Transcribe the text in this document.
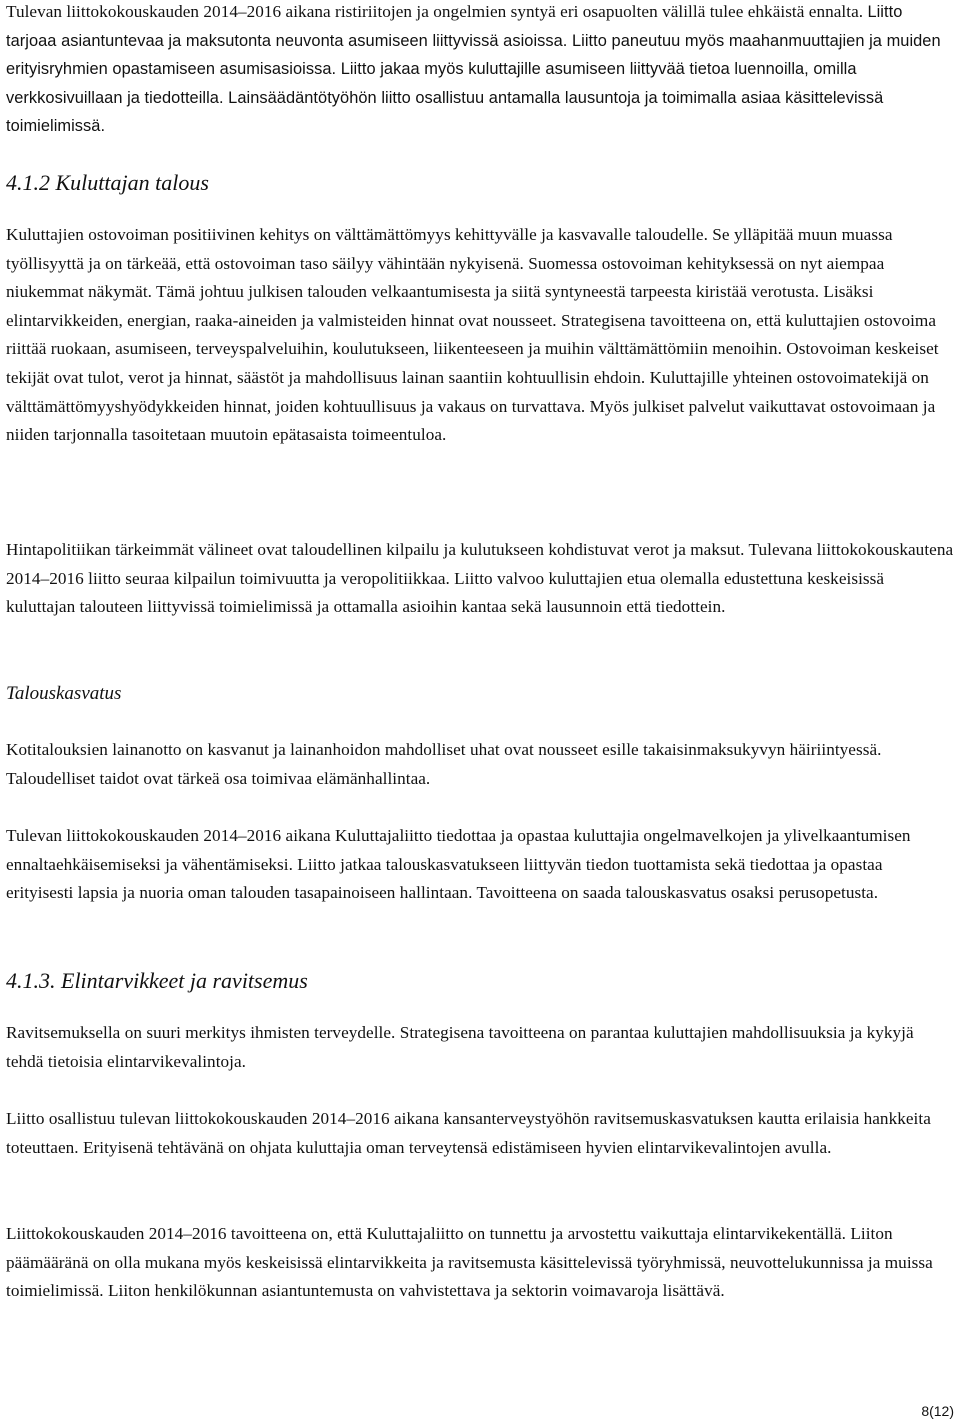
Tulevan liittokokouskauden 2014–2016 aikana ristiriitojen ja ongelmien syntyä eri osapuolten välillä tulee ehkäistä ennalta. Liitto tarjoaa asiantuntevaa ja maksutonta neuvonta asumiseen liittyvissä asioissa. Liitto paneutuu myös maahanmuuttajien ja muiden erityisryhmien opastamiseen asumisasioissa. Liitto jakaa myös kuluttajille asumiseen liittyvää tietoa luennoilla, omilla verkkosivuillaan ja tiedotteilla. Lainsäädäntötyöhön liitto osallistuu antamalla lausuntoja ja toimimalla asiaa käsittelevissä toimielimissä.

4.1.2 Kuluttajan talous

Kuluttajien ostovoiman positiivinen kehitys on välttämättömyys kehittyvälle ja kasvavalle taloudelle. Se ylläpitää muun muassa työllisyyttä ja on tärkeää, että ostovoiman taso säilyy vähintään nykyisenä. Suomessa ostovoiman kehityksessä on nyt aiempaa niukemmat näkymät. Tämä johtuu julkisen talouden velkaantumisesta ja siitä syntyneestä tarpeesta kiristää verotusta. Lisäksi elintarvikkeiden, energian, raaka-aineiden ja valmisteiden hinnat ovat nousseet. Strategisena tavoitteena on, että kuluttajien ostovoima riittää ruokaan, asumiseen, terveyspalveluihin, koulutukseen, liikenteeseen ja muihin välttämättömiin menoihin. Ostovoiman keskeiset tekijät ovat tulot, verot ja hinnat, säästöt ja mahdollisuus lainan saantiin kohtuullisin ehdoin. Kuluttajille yhteinen ostovoimatekijä on välttämättömyyshyödykkeiden hinnat, joiden kohtuullisuus ja vakaus on turvattava. Myös julkiset palvelut vaikuttavat ostovoimaan ja niiden tarjonnalla tasoitetaan muutoin epätasaista toimeentuloa.

Hintapolitiikan tärkeimmät välineet ovat taloudellinen kilpailu ja kulutukseen kohdistuvat verot ja maksut. Tulevana liittokokouskautena 2014–2016 liitto seuraa kilpailun toimivuutta ja veropolitiikkaa. Liitto valvoo kuluttajien etua olemalla edustettuna keskeisissä kuluttajan talouteen liittyvissä toimielimissä ja ottamalla asioihin kantaa sekä lausunnoin että tiedottein.

Talouskasvatus

Kotitalouksien lainanotto on kasvanut ja lainanhoidon mahdolliset uhat ovat nousseet esille takaisinmaksukyvyn häiriintyessä. Taloudelliset taidot ovat tärkeä osa toimivaa elämänhallintaa.

Tulevan liittokokouskauden 2014–2016 aikana Kuluttajaliitto tiedottaa ja opastaa kuluttajia ongelmavelkojen ja ylivelkaantumisen ennaltaehkäisemiseksi ja vähentämiseksi. Liitto jatkaa talouskasvatukseen liittyvän tiedon tuottamista sekä tiedottaa ja opastaa erityisesti lapsia ja nuoria oman talouden tasapainoiseen hallintaan. Tavoitteena on saada talouskasvatus osaksi perusopetusta.

4.1.3. Elintarvikkeet ja ravitsemus

Ravitsemuksella on suuri merkitys ihmisten terveydelle. Strategisena tavoitteena on parantaa kuluttajien mahdollisuuksia ja kykyjä tehdä tietoisia elintarvikevalintoja.

Liitto osallistuu tulevan liittokokouskauden 2014–2016 aikana kansanterveystyöhön ravitsemuskasvatuksen kautta erilaisia hankkeita toteuttaen. Erityisenä tehtävänä on ohjata kuluttajia oman terveytensä edistämiseen hyvien elintarvikevalintojen avulla.

Liittokokouskauden 2014–2016 tavoitteena on, että Kuluttajaliitto on tunnettu ja arvostettu vaikuttaja elintarvikekentällä. Liiton päämääränä on olla mukana myös keskeisissä elintarvikkeita ja ravitsemusta käsittelevissä työryhmissä, neuvottelukunnissa ja muissa toimielimissä. Liiton henkilökunnan asiantuntemusta on vahvistettava ja sektorin voimavaroja lisättävä.

8(12)
